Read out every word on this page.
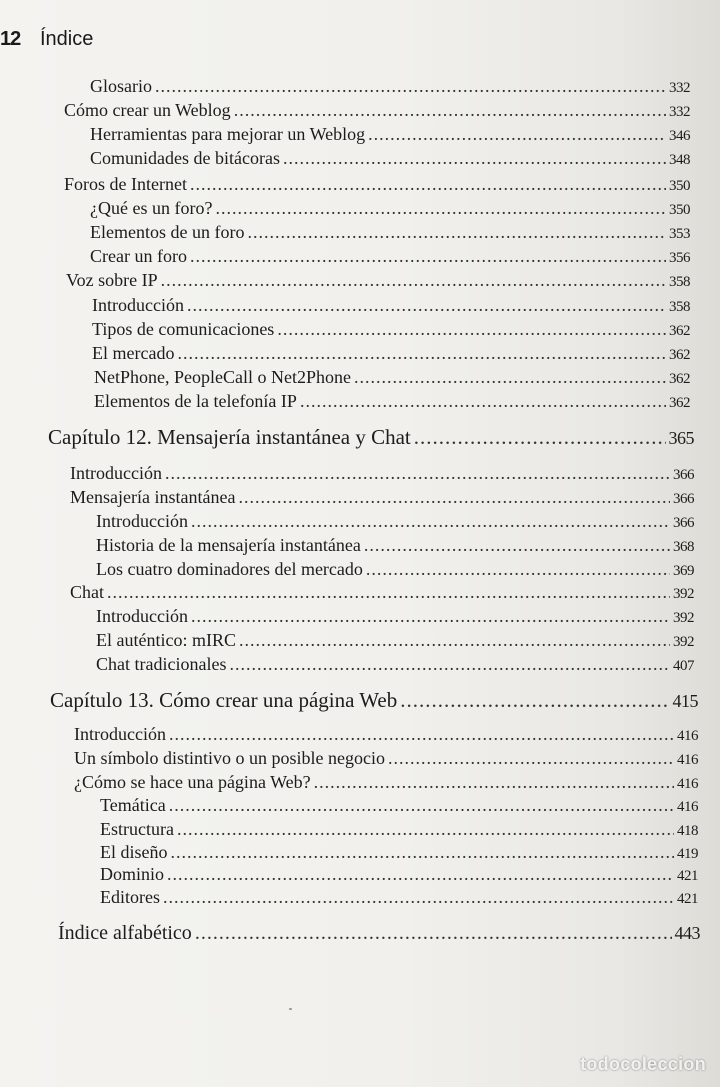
12 Índice
Glosario .....	332
Cómo crear un Weblog .....	332
Herramientas para mejorar un Weblog .....	346
Comunidades de bitácoras .....	348
Foros de Internet .....	350
¿Qué es un foro? .....	350
Elementos de un foro .....	353
Crear un foro .....	356
Voz sobre IP .....	358
Introducción .....	358
Tipos de comunicaciones .....	362
El mercado .....	362
NetPhone, PeopleCall o Net2Phone .....	362
Elementos de la telefonía IP .....	362
Capítulo 12. Mensajería instantánea y Chat .....	365
Introducción .....	366
Mensajería instantánea .....	366
Introducción .....	366
Historia de la mensajería instantánea .....	368
Los cuatro dominadores del mercado .....	369
Chat .....	392
Introducción .....	392
El auténtico: mIRC .....	392
Chat tradicionales .....	407
Capítulo 13. Cómo crear una página Web .....	415
Introducción .....	416
Un símbolo distintivo o un posible negocio .....	416
¿Cómo se hace una página Web? .....	416
Temática .....	416
Estructura .....	418
El diseño .....	419
Dominio .....	421
Editores .....	421
Índice alfabético .....	443
todocoleccion
